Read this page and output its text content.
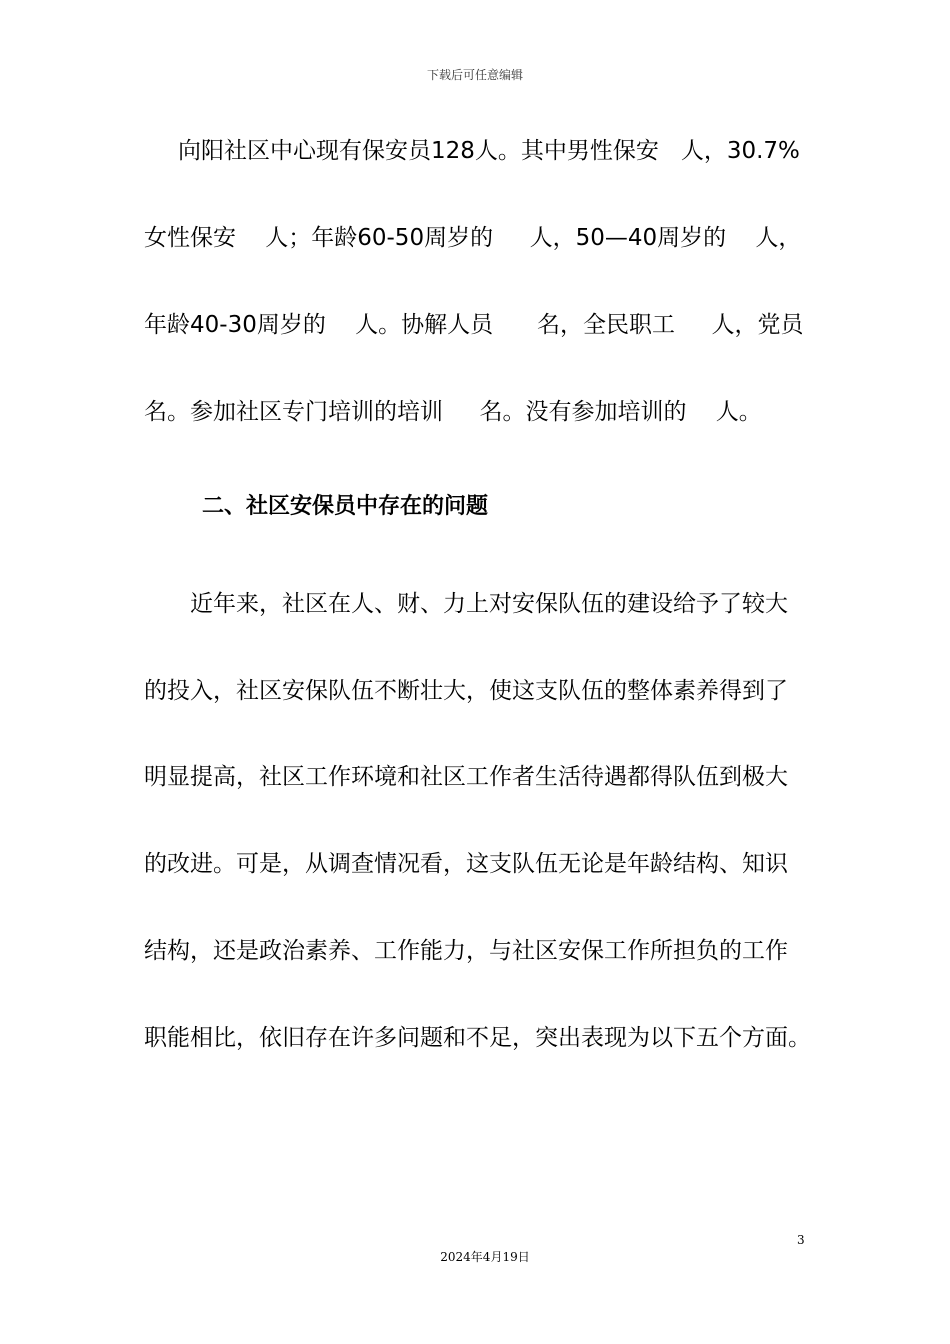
下载后可任意编辑
向阳社区中心现有保安员128人。其中男性保安   人，30.7%
女性保安    人；年龄60-50周岁的     人，50—40周岁的    人，
年龄40-30周岁的    人。协解人员      名，全民职工     人，党员
名。参加社区专门培训的培训     名。没有参加培训的    人。
二、社区安保员中存在的问题
近年来，社区在人、财、力上对安保队伍的建设给予了较大
的投入，社区安保队伍不断壮大，使这支队伍的整体素养得到了
明显提高，社区工作环境和社区工作者生活待遇都得队伍到极大
的改进。可是，从调查情况看，这支队伍无论是年龄结构、知识
结构，还是政治素养、工作能力，与社区安保工作所担负的工作
职能相比，依旧存在许多问题和不足，突出表现为以下五个方面。
3
2024年4月19日
